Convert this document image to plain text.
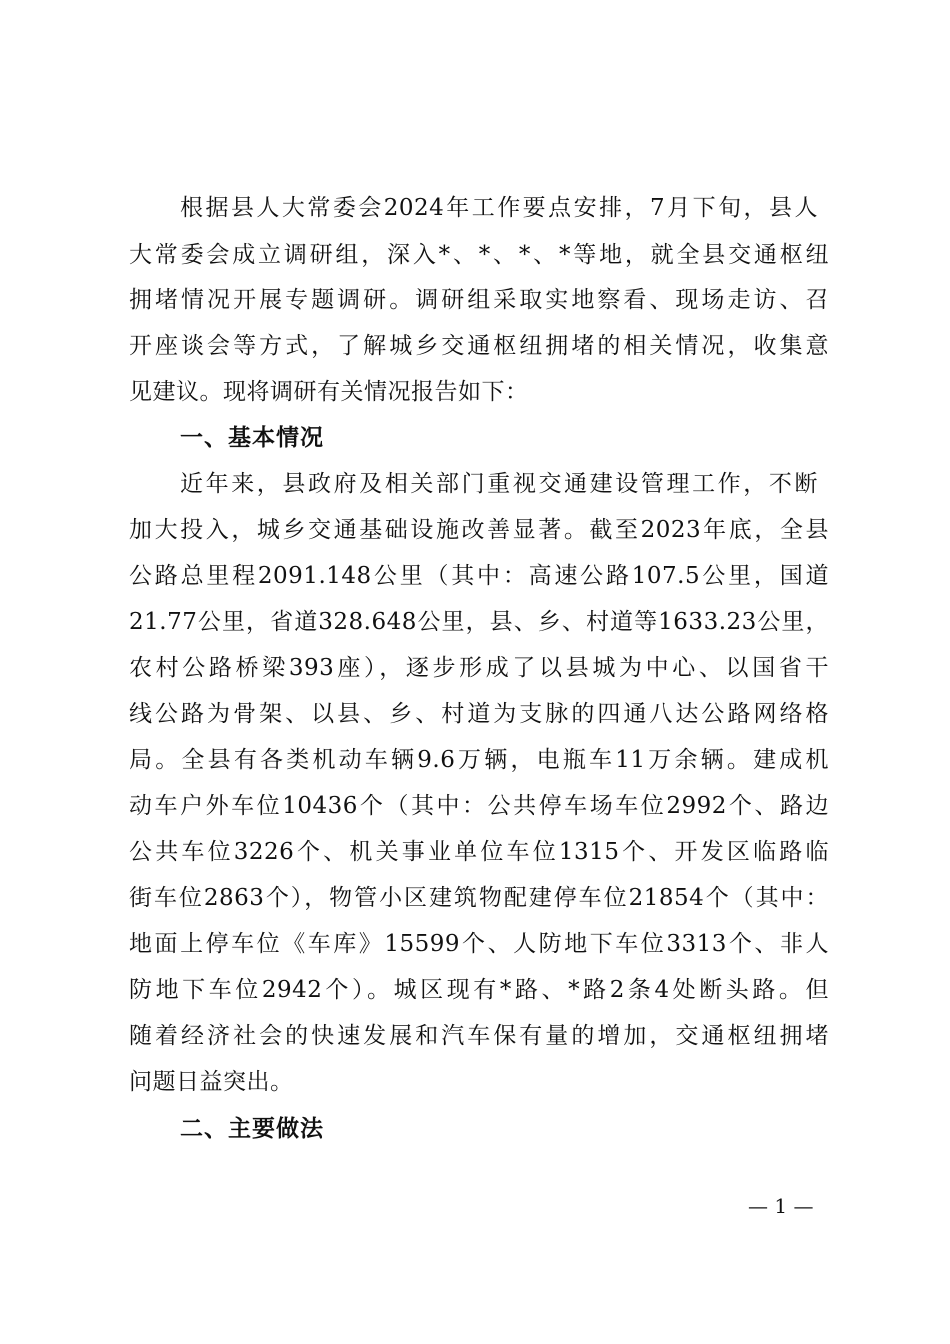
根据县人大常委会2024年工作要点安排，7月下旬，县人
大常委会成立调研组，深入*、*、*、*等地，就全县交通枢纽
拥堵情况开展专题调研。调研组采取实地察看、现场走访、召
开座谈会等方式，了解城乡交通枢纽拥堵的相关情况，收集意
见建议。现将调研有关情况报告如下：
一、基本情况
近年来，县政府及相关部门重视交通建设管理工作，不断
加大投入，城乡交通基础设施改善显著。截至2023年底，全县
公路总里程2091.148公里（其中：高速公路107.5公里，国道
21.77公里，省道328.648公里，县、乡、村道等1633.23公里，
农村公路桥梁393座），逐步形成了以县城为中心、以国省干
线公路为骨架、以县、乡、村道为支脉的四通八达公路网络格
局。全县有各类机动车辆9.6万辆，电瓶车11万余辆。建成机
动车户外车位10436个（其中：公共停车场车位2992个、路边
公共车位3226个、机关事业单位车位1315个、开发区临路临
街车位2863个），物管小区建筑物配建停车位21854个（其中：
地面上停车位《车库》15599个、人防地下车位3313个、非人
防地下车位2942个）。城区现有*路、*路2条4处断头路。但
随着经济社会的快速发展和汽车保有量的增加，交通枢纽拥堵
问题日益突出。
二、主要做法
— 1 —
